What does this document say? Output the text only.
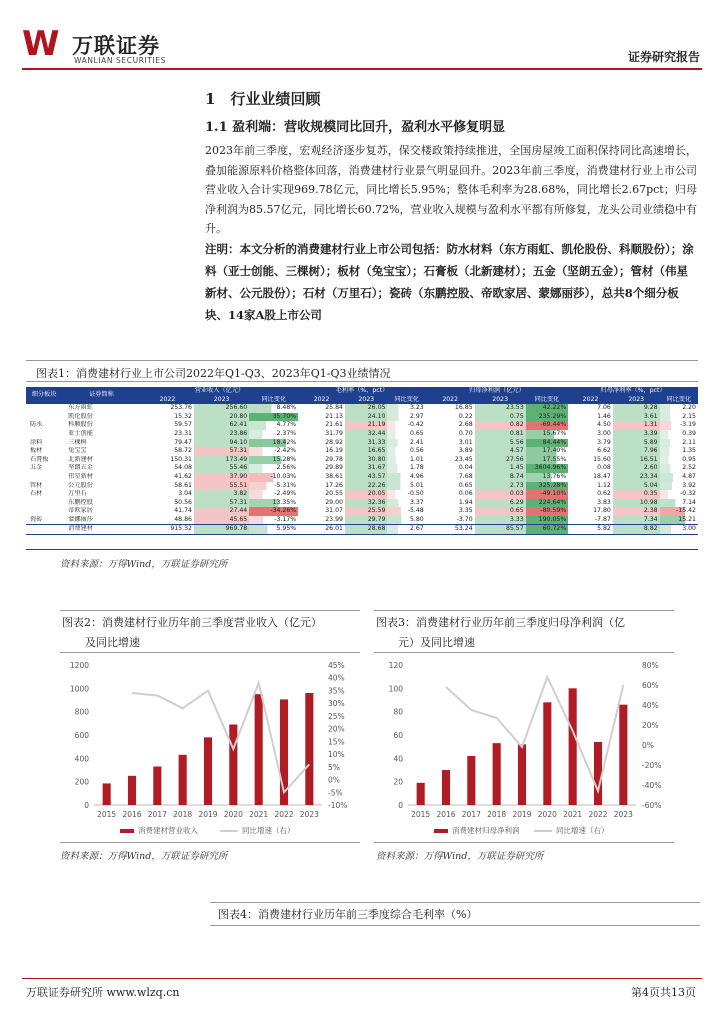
W 万联证券
WANLIAN SECURITIES	证券研究报告
1　行业业绩回顾
1.1 盈利端：营收规模同比回升，盈利水平修复明显
2023年前三季度，宏观经济逐步复苏，保交楼政策持续推进，全国房屋竣工面积保持同比高速增长，叠加能源原料价格整体回落，消费建材行业景气明显回升。2023年前三季度，消费建材行业上市公司营业收入合计实现969.78亿元，同比增长5.95%；整体毛利率为28.68%，同比增长2.67pct；归母净利润为85.57亿元，同比增长60.72%，营业收入规模与盈利水平都有所修复，龙头公司业绩稳中有升。
注明：本文分析的消费建材行业上市公司包括：防水材料（东方雨虹、凯伦股份、科顺股份）；涂料（亚士创能、三棵树）；板材（兔宝宝）；石膏板（北新建材）；五金（坚朗五金）；管材（伟星新材、公元股份）；石材（万里石）；瓷砖（东鹏控股、帝欧家居、蒙娜丽莎），总共8个细分板块、14家A股上市公司
图表1：消费建材行业上市公司2022年Q1-Q3、2023年Q1-Q3业绩情况
细分板块	证券简称	营业收入（亿元）			毛利率（%，pct）			归母净利润（亿元）			归母净利率（%，pct）		
		2022	2023	同比变化	2022	2023	同比变化	2022	2023	同比变化	2022	2023	同比变化
	东方雨虹	253.76	256.60	8.48%	25.84	26.05	3.23	16.85	23.53	42.22%	7.06	9.28	2.20
	凯伦股份	15.32	20.80	35.70%	21.13	24.10	2.97	0.22	0.75	235.29%	1.46	3.61	2.15
防水	科顺股份	59.57	62.41	4.77%	21.61	21.19	-0.42	2.68	0.82	-69.44%	4.50	1.31	-3.19
	亚士创能	23.31	23.86	2.37%	31.79	32.44	0.65	0.70	0.81	15.67%	3.00	3.39	0.39
涂料	三棵树	79.47	94.10	18.42%	28.92	31.33	2.41	3.01	5.56	84.44%	3.79	5.89	2.11
板材	兔宝宝	58.72	57.31	-2.42%	16.19	16.65	0.56	3.89	4.57	17.40%	6.62	7.96	1.35
石膏板	北新建材	150.31	173.49	15.28%	29.78	30.80	1.01	23.45	27.56	17.55%	15.60	16.51	0.95
五金	坚朗五金	54.08	55.46	2.56%	29.89	31.67	1.78	0.04	1.45	3604.96%	0.08	2.60	2.52
	伟星新材	41.62	37.90	-10.03%	38.61	43.57	4.96	7.68	8.74	13.76%	18.47	23.34	4.87
管材	公元股份	58.61	55.51	-5.31%	17.26	22.26	5.01	0.65	2.73	325.28%	1.12	5.04	3.92
石材	万里石	3.04	3.82	-2.49%	20.55	20.05	-0.50	0.06	0.03	-49.10%	0.62	0.35	-0.32
	东鹏控股	50.56	57.31	13.35%	29.00	32.36	3.37	1.94	6.29	224.64%	3.83	10.98	7.14
	帝欧家居	41.74	27.44	-34.26%	31.07	25.59	-5.48	3.35	0.65	-80.59%	17.80	2.38	-15.42
瓷砖	蒙娜丽莎	48.86	45.65	-3.17%	23.99	29.79	5.80	-3.70	3.33	190.05%	-7.87	7.34	15.21
	消费建材	915.32	969.78	5.95%	26.01	28.68	2.67	53.24	85.57	60.72%	5.82	8.82	3.00
资料来源：万得Wind，万联证券研究所
图表2：消费建材行业历年前三季度营业收入（亿元）
及同比增速
0
200
400
600
800
1000
1200
-10%
-5%
0%
5%
10%
15%
20%
25%
30%
35%
40%
45%
2015 2016 2017 2018 2019 2020 2021 2022 2023
消费建材营业收入	同比增速（右）
资料来源：万得Wind，万联证券研究所
图表3：消费建材行业历年前三季度归母净利润（亿
元）及同比增速
0
20
40
60
80
100
120
-60%
-40%
-20%
0%
20%
40%
60%
80%
2015 2016 2017 2018 2019 2020 2021 2022 2023
消费建材归母净利润	同比增速（右）
资料来源：万得Wind，万联证券研究所
图表4：消费建材行业历年前三季度综合毛利率（%）
万联证券研究所 www.wlzq.cn	第4页共13页
